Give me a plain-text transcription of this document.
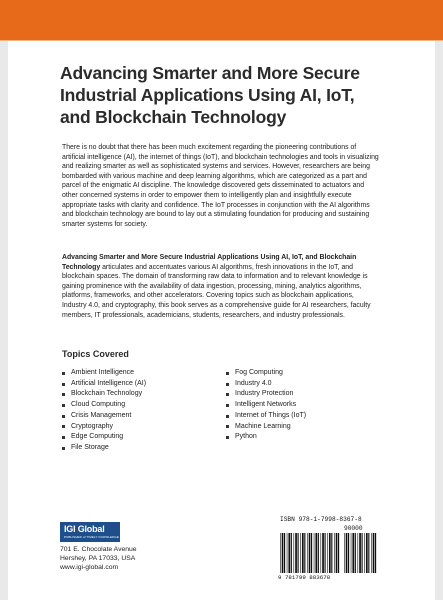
Advancing Smarter and More Secure
Industrial Applications Using AI, IoT,
and Blockchain Technology

There is no doubt that there has been much excitement regarding the pioneering contributions of artificial intelligence (AI), the internet of things (IoT), and blockchain technologies and tools in visualizing and realizing smarter as well as sophisticated systems and services. However, researchers are being bombarded with various machine and deep learning algorithms, which are categorized as a part and parcel of the enigmatic AI discipline. The knowledge discovered gets disseminated to actuators and other concerned systems in order to empower them to intelligently plan and insightfully execute appropriate tasks with clarity and confidence. The IoT processes in conjunction with the AI algorithms and blockchain technology are bound to lay out a stimulating foundation for producing and sustaining smarter systems for society.

Advancing Smarter and More Secure Industrial Applications Using AI, IoT, and Blockchain Technology articulates and accentuates various AI algorithms, fresh innovations in the IoT, and blockchain spaces. The domain of transforming raw data to information and to relevant knowledge is gaining prominence with the availability of data ingestion, processing, mining, analytics algorithms, platforms, frameworks, and other accelerators. Covering topics such as blockchain applications, Industry 4.0, and cryptography, this book serves as a comprehensive guide for AI researchers, faculty members, IT professionals, academicians, students, researchers, and industry professionals.

Topics Covered
Ambient Intelligence
Artificial Intelligence (AI)
Blockchain Technology
Cloud Computing
Crisis Management
Cryptography
Edge Computing
File Storage
Fog Computing
Industry 4.0
Industry Protection
Intelligent Networks
Internet of Things (IoT)
Machine Learning
Python
IGI Global
PUBLISHER of TIMELY KNOWLEDGE
701 E. Chocolate Avenue
Hershey, PA 17033, USA
www.igi-global.com
ISBN 978-1-7998-8367-8
90000
9 781799 883678
